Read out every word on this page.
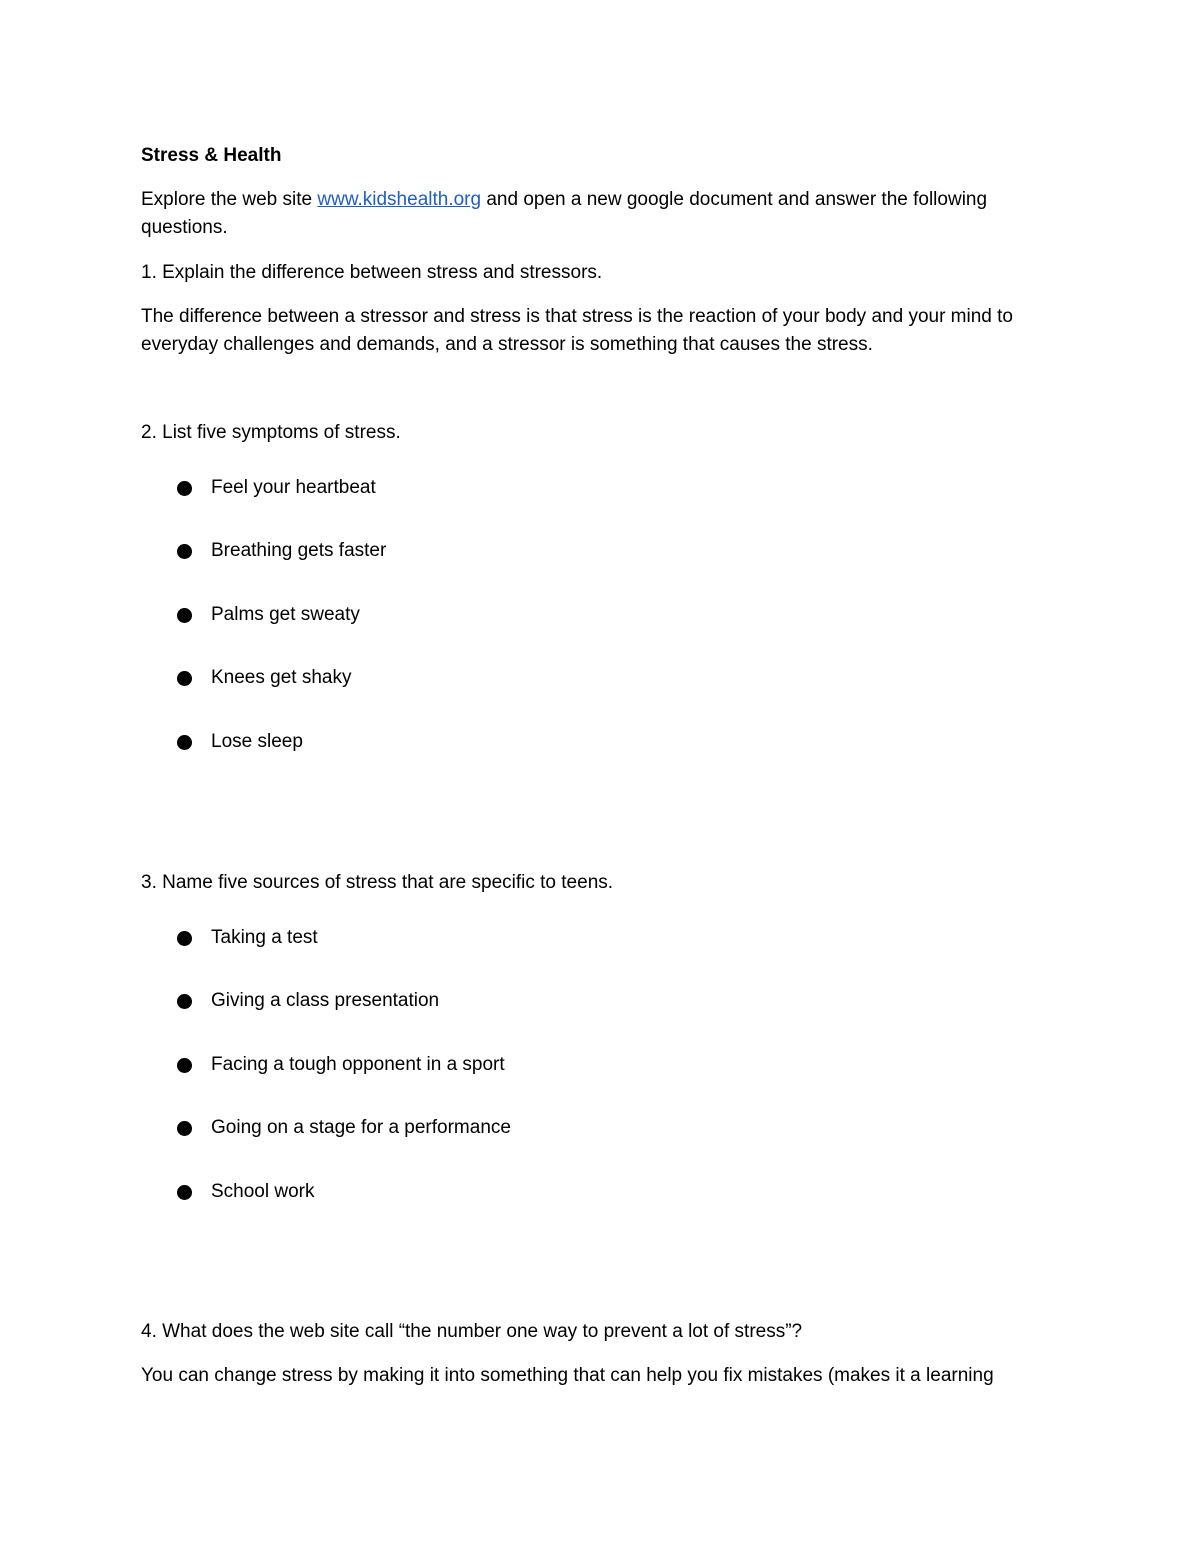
Stress & Health
Explore the web site www.kidshealth.org and open a new google document and answer the following
questions.
1. Explain the difference between stress and stressors.
The difference between a stressor and stress is that stress is the reaction of your body and your mind to
everyday challenges and demands, and a stressor is something that causes the stress.
2. List five symptoms of stress.
Feel your heartbeat
Breathing gets faster
Palms get sweaty
Knees get shaky
Lose sleep
3. Name five sources of stress that are specific to teens.
Taking a test
Giving a class presentation
Facing a tough opponent in a sport
Going on a stage for a performance
School work
4. What does the web site call “the number one way to prevent a lot of stress”?
You can change stress by making it into something that can help you fix mistakes (makes it a learning
